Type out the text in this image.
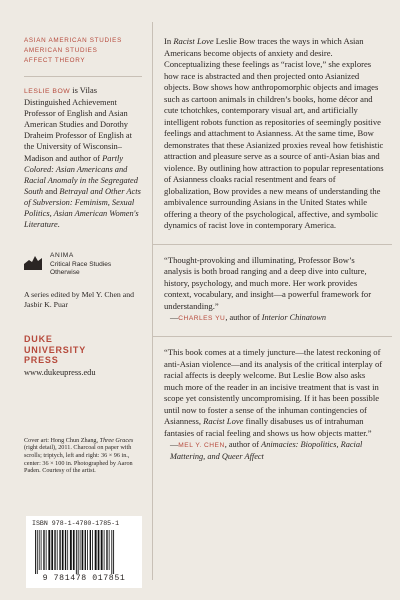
ASIAN AMERICAN STUDIES
AMERICAN STUDIES
AFFECT THEORY

LESLIE BOW is Vilas Distinguished Achievement Professor of English and Asian American Studies and Dorothy Draheim Professor of English at the University of Wisconsin–Madison and author of Partly Colored: Asian Americans and Racial Anomaly in the Segregated South and Betrayal and Other Acts of Subversion: Feminism, Sexual Politics, Asian American Women's Literature.

ANIMA
Critical Race Studies
Otherwise

A series edited by Mel Y. Chen and Jasbir K. Puar

DUKE
UNIVERSITY
PRESS
www.dukeupress.edu
Cover art: Hong Chun Zhang, Three Graces (right detail), 2011. Charcoal on paper with scrolls; triptych, left and right: 36 × 96 in., center: 36 × 100 in. Photographed by Aaron Paden. Courtesy of the artist.

In Racist Love Leslie Bow traces the ways in which Asian Americans become objects of anxiety and desire. Conceptualizing these feelings as “racist love,” she explores how race is abstracted and then projected onto Asianized objects. Bow shows how anthropomorphic objects and images such as cartoon animals in children’s books, home décor and cute tchotchkes, contemporary visual art, and artificially intelligent robots function as repositories of seemingly positive feelings and attachment to Asianness. At the same time, Bow demonstrates that these Asianized proxies reveal how fetishistic attraction and pleasure serve as a source of anti-Asian bias and violence. By outlining how attraction to popular representations of Asianness cloaks racial resentment and fears of globalization, Bow provides a new means of understanding the ambivalence surrounding Asians in the United States while offering a theory of the psychological, affective, and symbolic dynamics of racist love in contemporary America.

“Thought-provoking and illuminating, Professor Bow’s analysis is both broad ranging and a deep dive into culture, history, psychology, and much more. Her work provides context, vocabulary, and insight—a powerful framework for understanding.”

—CHARLES YU, author of Interior Chinatown

“This book comes at a timely juncture—the latest reckoning of anti-Asian violence—and its analysis of the critical interplay of racial affects is deeply welcome. But Leslie Bow also asks much more of the reader in an incisive treatment that is vast in scope yet consistently uncompromising. If it has been possible until now to foster a sense of the inhuman contingencies of Asianness, Racist Love finally disabuses us of intrahuman fantasies of racial feeling and shows us how objects matter.”

—MEL Y. CHEN, author of Animacies: Biopolitics, Racial Mattering, and Queer Affect

ISBN 978-1-4780-1785-1
9 781478 017851
